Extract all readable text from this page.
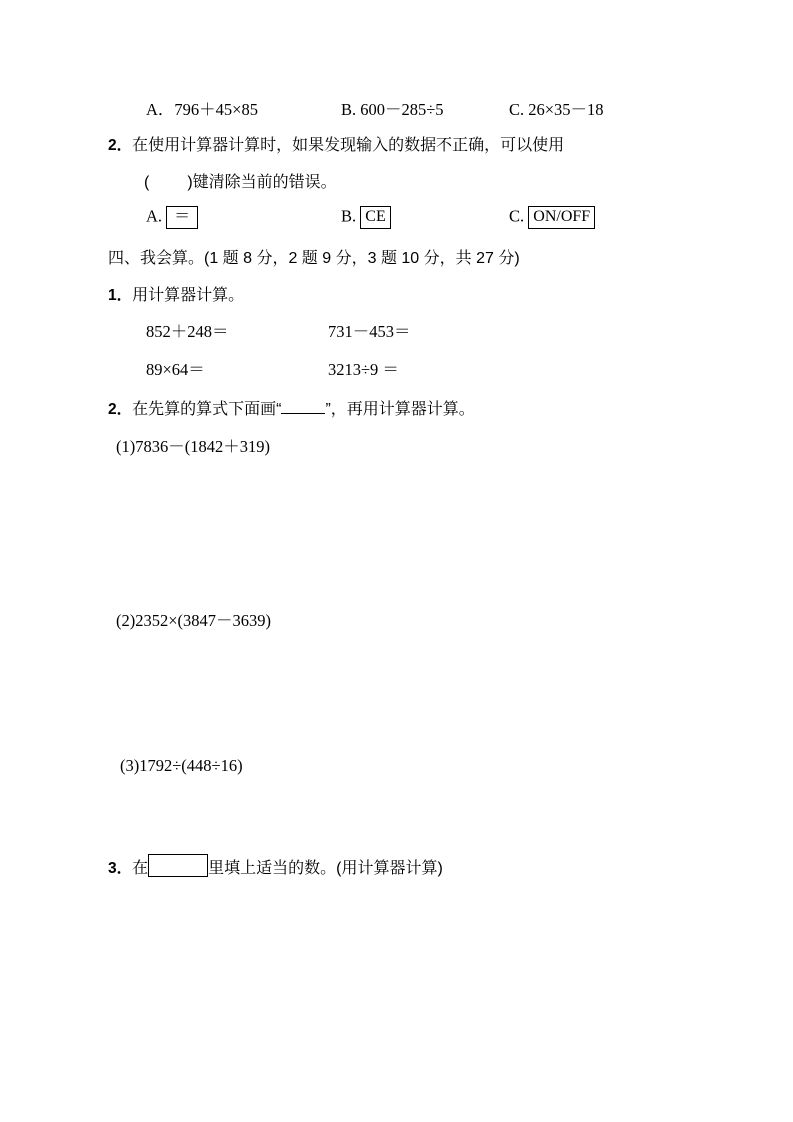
A．796＋45×85	B. 600－285÷5	C. 26×35－18
2．在使用计算器计算时，如果发现输入的数据不正确，可以使用
( )键清除当前的错误。
A. ＝	B. CE	C. ON/OFF
四、我会算。(1 题 8 分，2 题 9 分，3 题 10 分，共 27 分)
1．用计算器计算。
852＋248＝	731－453＝
89×64＝	3213÷9 ＝
2．在先算的算式下面画“	”，再用计算器计算。
(1)7836－(1842＋319)
(2)2352×(3847－3639)
(3)1792÷(448÷16)
3．在	里填上适当的数。(用计算器计算)
